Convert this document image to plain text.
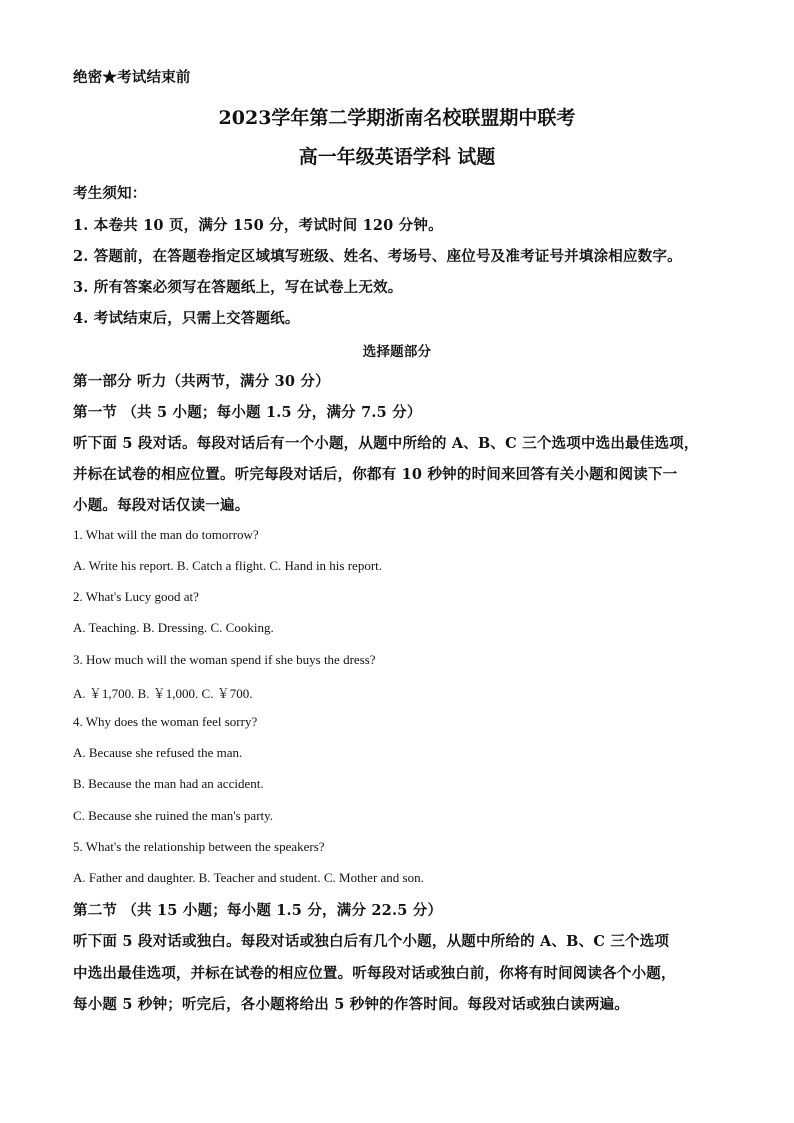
绝密★考试结束前
2023学年第二学期浙南名校联盟期中联考
高一年级英语学科 试题
考生须知：
1. 本卷共 10 页，满分 150 分，考试时间 120 分钟。
2. 答题前，在答题卷指定区域填写班级、姓名、考场号、座位号及准考证号并填涂相应数字。
3. 所有答案必须写在答题纸上，写在试卷上无效。
4. 考试结束后，只需上交答题纸。
选择题部分
第一部分 听力（共两节，满分 30 分）
第一节 （共 5 小题；每小题 1.5 分，满分 7.5 分）
听下面 5 段对话。每段对话后有一个小题，从题中所给的 A、B、C 三个选项中选出最佳选项，
并标在试卷的相应位置。听完每段对话后，你都有 10 秒钟的时间来回答有关小题和阅读下一
小题。每段对话仅读一遍。
1. What will the man do tomorrow?
A. Write his report. B. Catch a flight. C. Hand in his report.
2. What's Lucy good at?
A. Teaching. B. Dressing. C. Cooking.
3. How much will the woman spend if she buys the dress?
A. ￥1,700. B. ￥1,000. C. ￥700.
4. Why does the woman feel sorry?
A. Because she refused the man.
B. Because the man had an accident.
C. Because she ruined the man's party.
5. What's the relationship between the speakers?
A. Father and daughter. B. Teacher and student. C. Mother and son.
第二节 （共 15 小题；每小题 1.5 分，满分 22.5 分）
听下面 5 段对话或独白。每段对话或独白后有几个小题，从题中所给的 A、B、C 三个选项
中选出最佳选项，并标在试卷的相应位置。听每段对话或独白前，你将有时间阅读各个小题，
每小题 5 秒钟；听完后，各小题将给出 5 秒钟的作答时间。每段对话或独白读两遍。
